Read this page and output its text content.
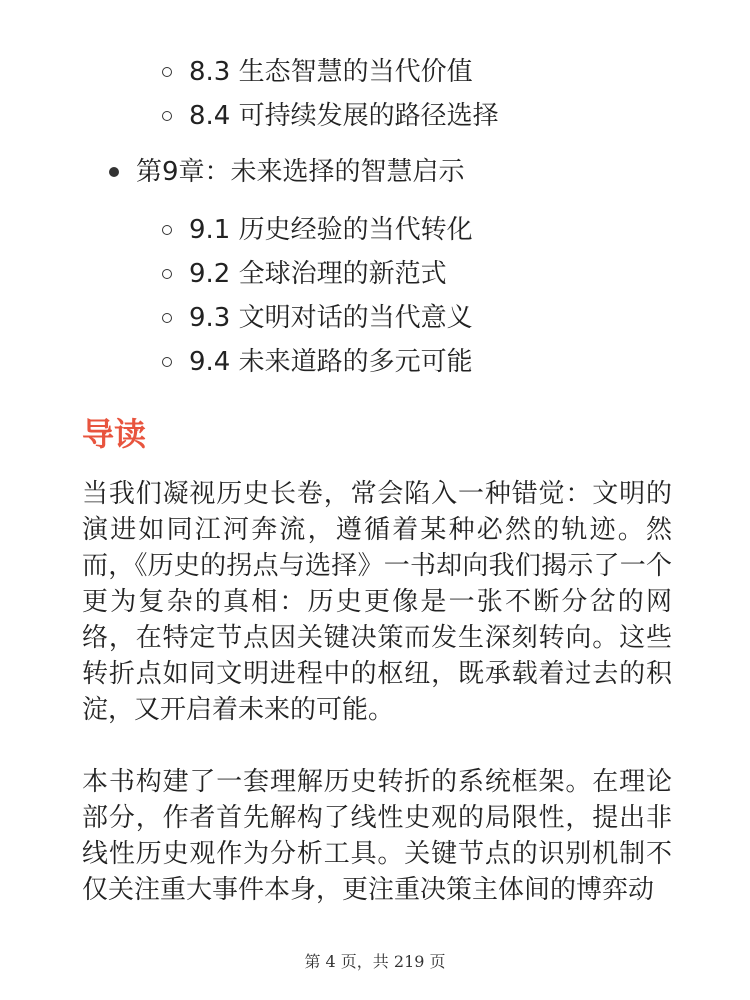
8.3 生态智慧的当代价值
8.4 可持续发展的路径选择
第9章：未来选择的智慧启示
9.1 历史经验的当代转化
9.2 全球治理的新范式
9.3 文明对话的当代意义
9.4 未来道路的多元可能
导读

当我们凝视历史长卷，常会陷入一种错觉：文明的演进如同江河奔流，遵循着某种必然的轨迹。然而，《历史的拐点与选择》一书却向我们揭示了一个更为复杂的真相：历史更像是一张不断分岔的网络，在特定节点因关键决策而发生深刻转向。这些转折点如同文明进程中的枢纽，既承载着过去的积淀，又开启着未来的可能。

本书构建了一套理解历史转折的系统框架。在理论部分，作者首先解构了线性史观的局限性，提出非线性历史观作为分析工具。关键节点的识别机制不仅关注重大事件本身，更注重决策主体间的博弈动

第 4 页，共 219 页
